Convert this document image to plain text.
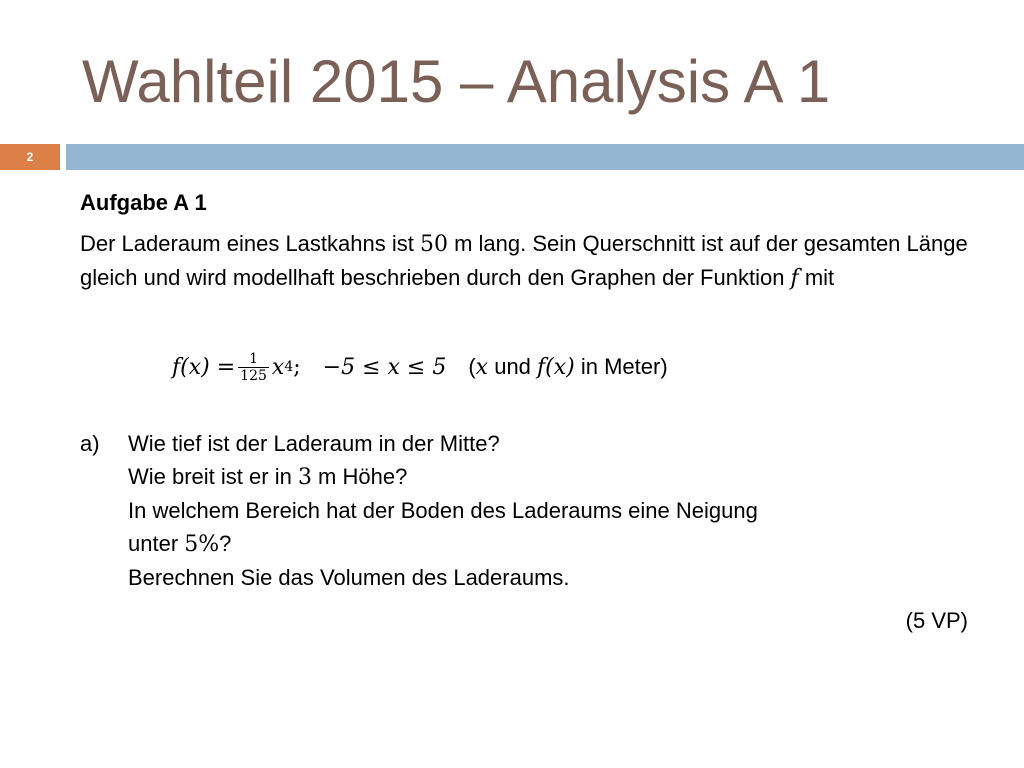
Wahlteil 2015 – Analysis A 1
2

Aufgabe A 1

Der Laderaum eines Lastkahns ist 50 m lang. Sein Querschnitt ist auf der gesamten Länge gleich und wird modellhaft beschrieben durch den Graphen der Funktion f mit

$f(x) = \frac{1}{125}$ x 4 ; −5 ≤ x ≤ 5 ( x und f(x) in Meter)
a) Wie tief ist der Laderaum in der Mitte?
Wie breit ist er in 3 m Höhe?
In welchem Bereich hat der Boden des Laderaums eine Neigung
unter 5%?
Berechnen Sie das Volumen des Laderaums.
(5 VP)
